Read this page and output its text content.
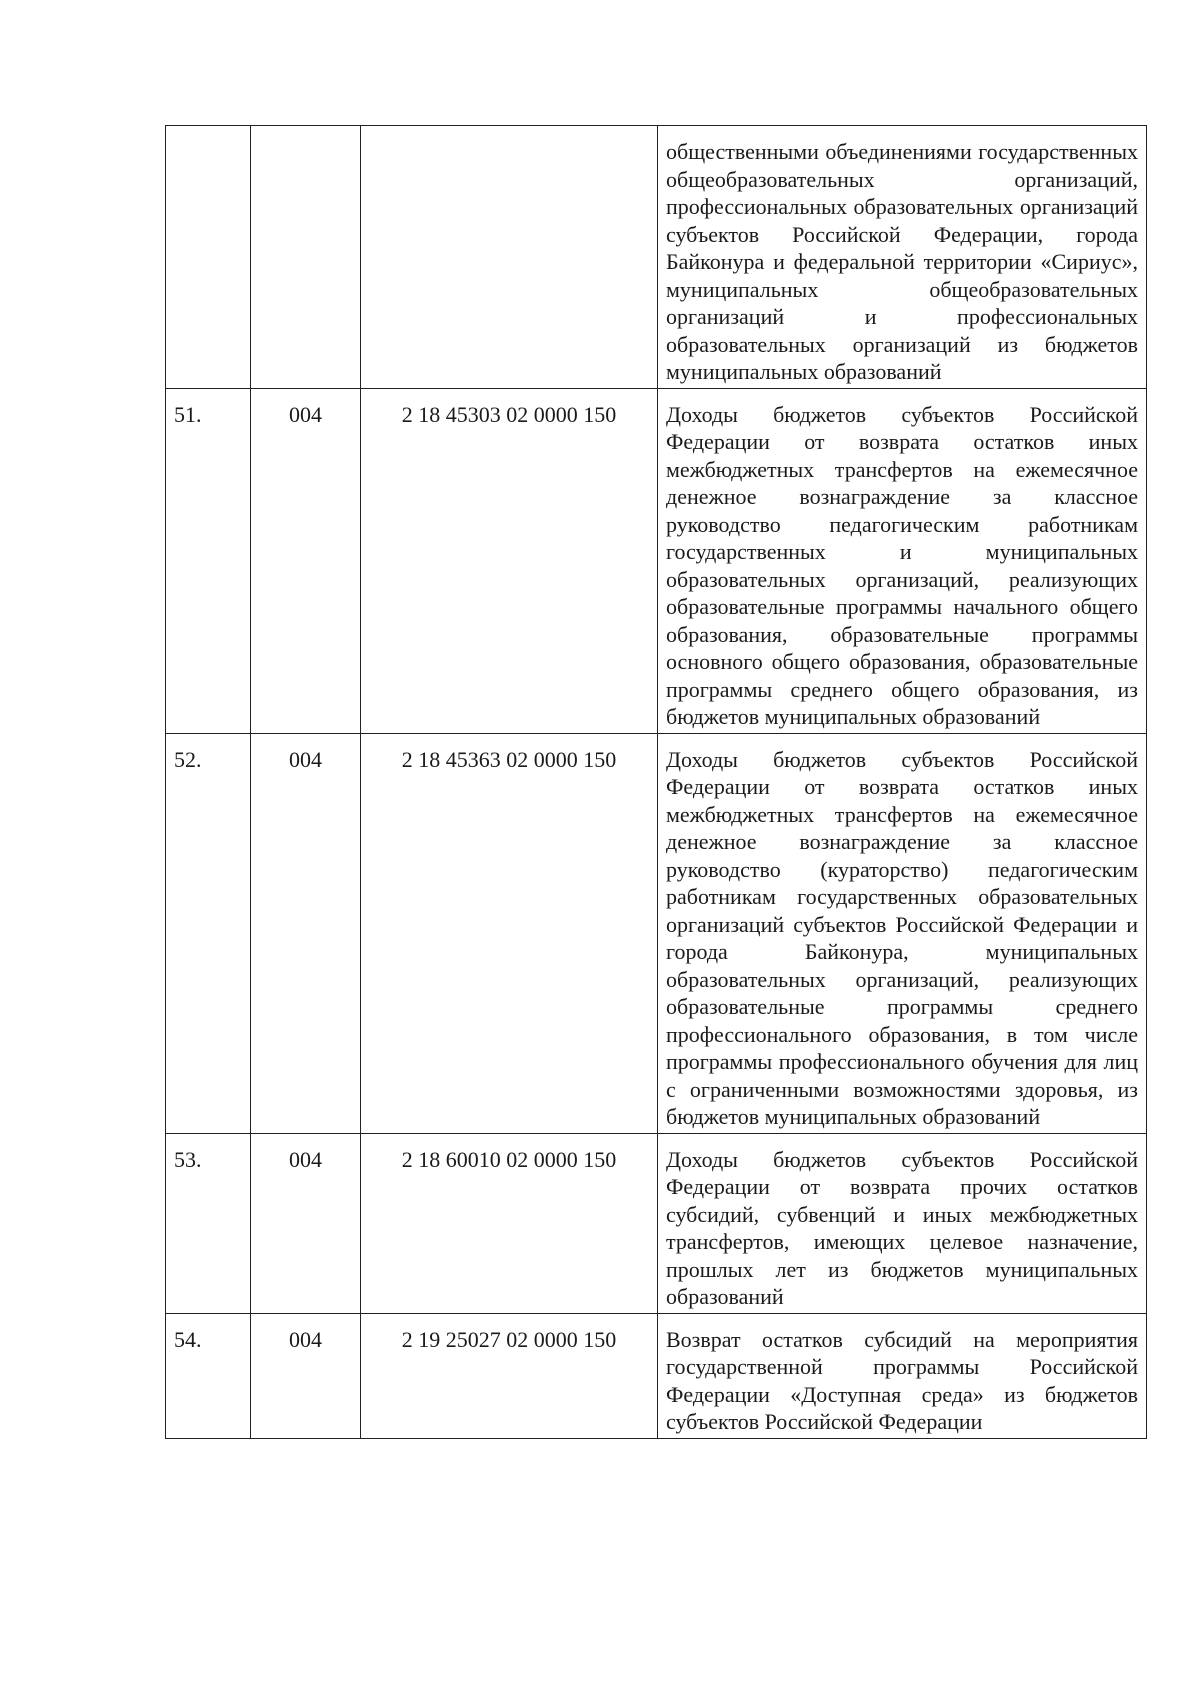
			общественными объединениями государственных общеобразовательных организаций, профессиональных образовательных организаций субъектов Российской Федерации, города Байконура и федеральной территории «Сириус», муниципальных общеобразовательных организаций и профессиональных образовательных организаций из бюджетов муниципальных образований
51.	004	2 18 45303 02 0000 150	Доходы бюджетов субъектов Российской Федерации от возврата остатков иных межбюджетных трансфертов на ежемесячное денежное вознаграждение за классное руководство педагогическим работникам государственных и муниципальных образовательных организаций, реализующих образовательные программы начального общего образования, образовательные программы основного общего образования, образовательные программы среднего общего образования, из бюджетов муниципальных образований
52.	004	2 18 45363 02 0000 150	Доходы бюджетов субъектов Российской Федерации от возврата остатков иных межбюджетных трансфертов на ежемесячное денежное вознаграждение за классное руководство (кураторство) педагогическим работникам государственных образовательных организаций субъектов Российской Федерации и города Байконура, муниципальных образовательных организаций, реализующих образовательные программы среднего профессионального образования, в том числе программы профессионального обучения для лиц с ограниченными возможностями здоровья, из бюджетов муниципальных образований
53.	004	2 18 60010 02 0000 150	Доходы бюджетов субъектов Российской Федерации от возврата прочих остатков субсидий, субвенций и иных межбюджетных трансфертов, имеющих целевое назначение, прошлых лет из бюджетов муниципальных образований
54.	004	2 19 25027 02 0000 150	Возврат остатков субсидий на мероприятия государственной программы Российской Федерации «Доступная среда» из бюджетов субъектов Российской Федерации
